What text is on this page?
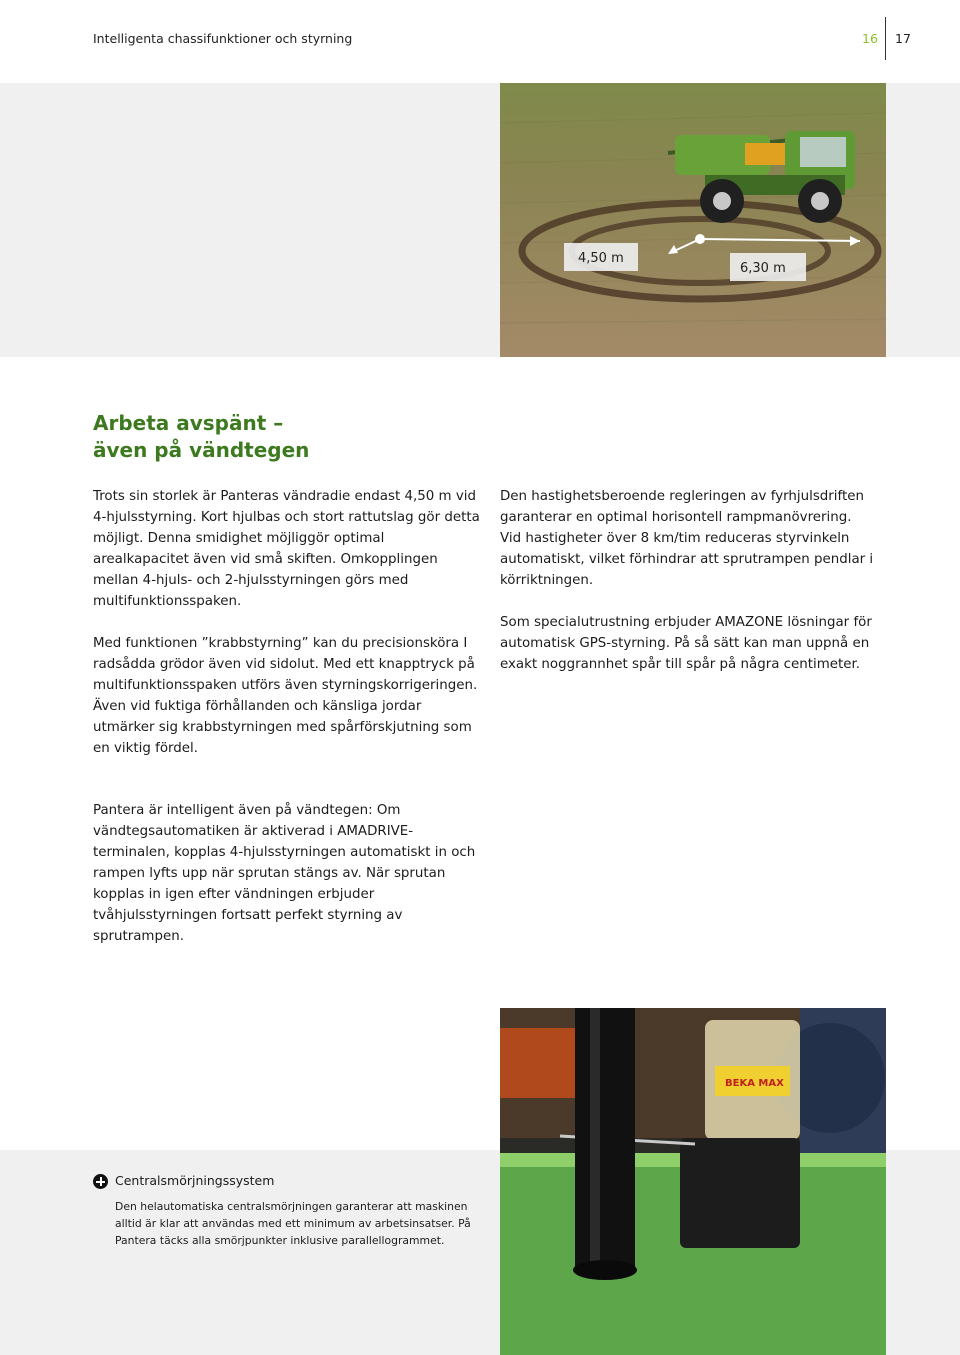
Intelligenta chassifunktioner och styrning	16 17
4,50 m
6,30 m
Arbeta avspänt –
även på vändtegen

Trots sin storlek är Panteras vändradie endast 4,50 m vid 4-hjulsstyrning. Kort hjulbas och stort rattutslag gör detta möjligt. Denna smidighet möjliggör optimal arealkapacitet även vid små skiften. Omkopplingen mellan 4-hjuls- och 2-hjulsstyrningen görs med multifunktionsspaken.

Med funktionen ”krabbstyrning” kan du precisionsköra I radsådda grödor även vid sidolut. Med ett knapptryck på multifunktionsspaken utförs även styrningskorrigeringen. Även vid fuktiga förhållanden och känsliga jordar utmärker sig krabbstyrningen med spårförskjutning som en viktig fördel.

Pantera är intelligent även på vändtegen: Om vändtegsautomatiken är aktiverad i AMADRIVE-terminalen, kopplas 4-hjulsstyrningen automatiskt in och rampen lyfts upp när sprutan stängs av. När sprutan kopplas in igen efter vändningen erbjuder tvåhjulsstyrningen fortsatt perfekt styrning av sprutrampen.

Den hastighetsberoende regleringen av fyrhjulsdriften garanterar en optimal horisontell rampmanövrering. Vid hastigheter över 8 km/tim reduceras styrvinkeln automatiskt, vilket förhindrar att sprutrampen pendlar i körriktningen.

Som specialutrustning erbjuder AMAZONE lösningar för automatisk GPS-styrning. På så sätt kan man uppnå en exakt noggrannhet spår till spår på några centimeter.

BEKA MAX
Centralsmörjningssystem
Den helautomatiska centralsmörjningen garanterar att maskinen alltid är klar att användas med ett minimum av arbetsinsatser. På Pantera täcks alla smörjpunkter inklusive parallellogrammet.
